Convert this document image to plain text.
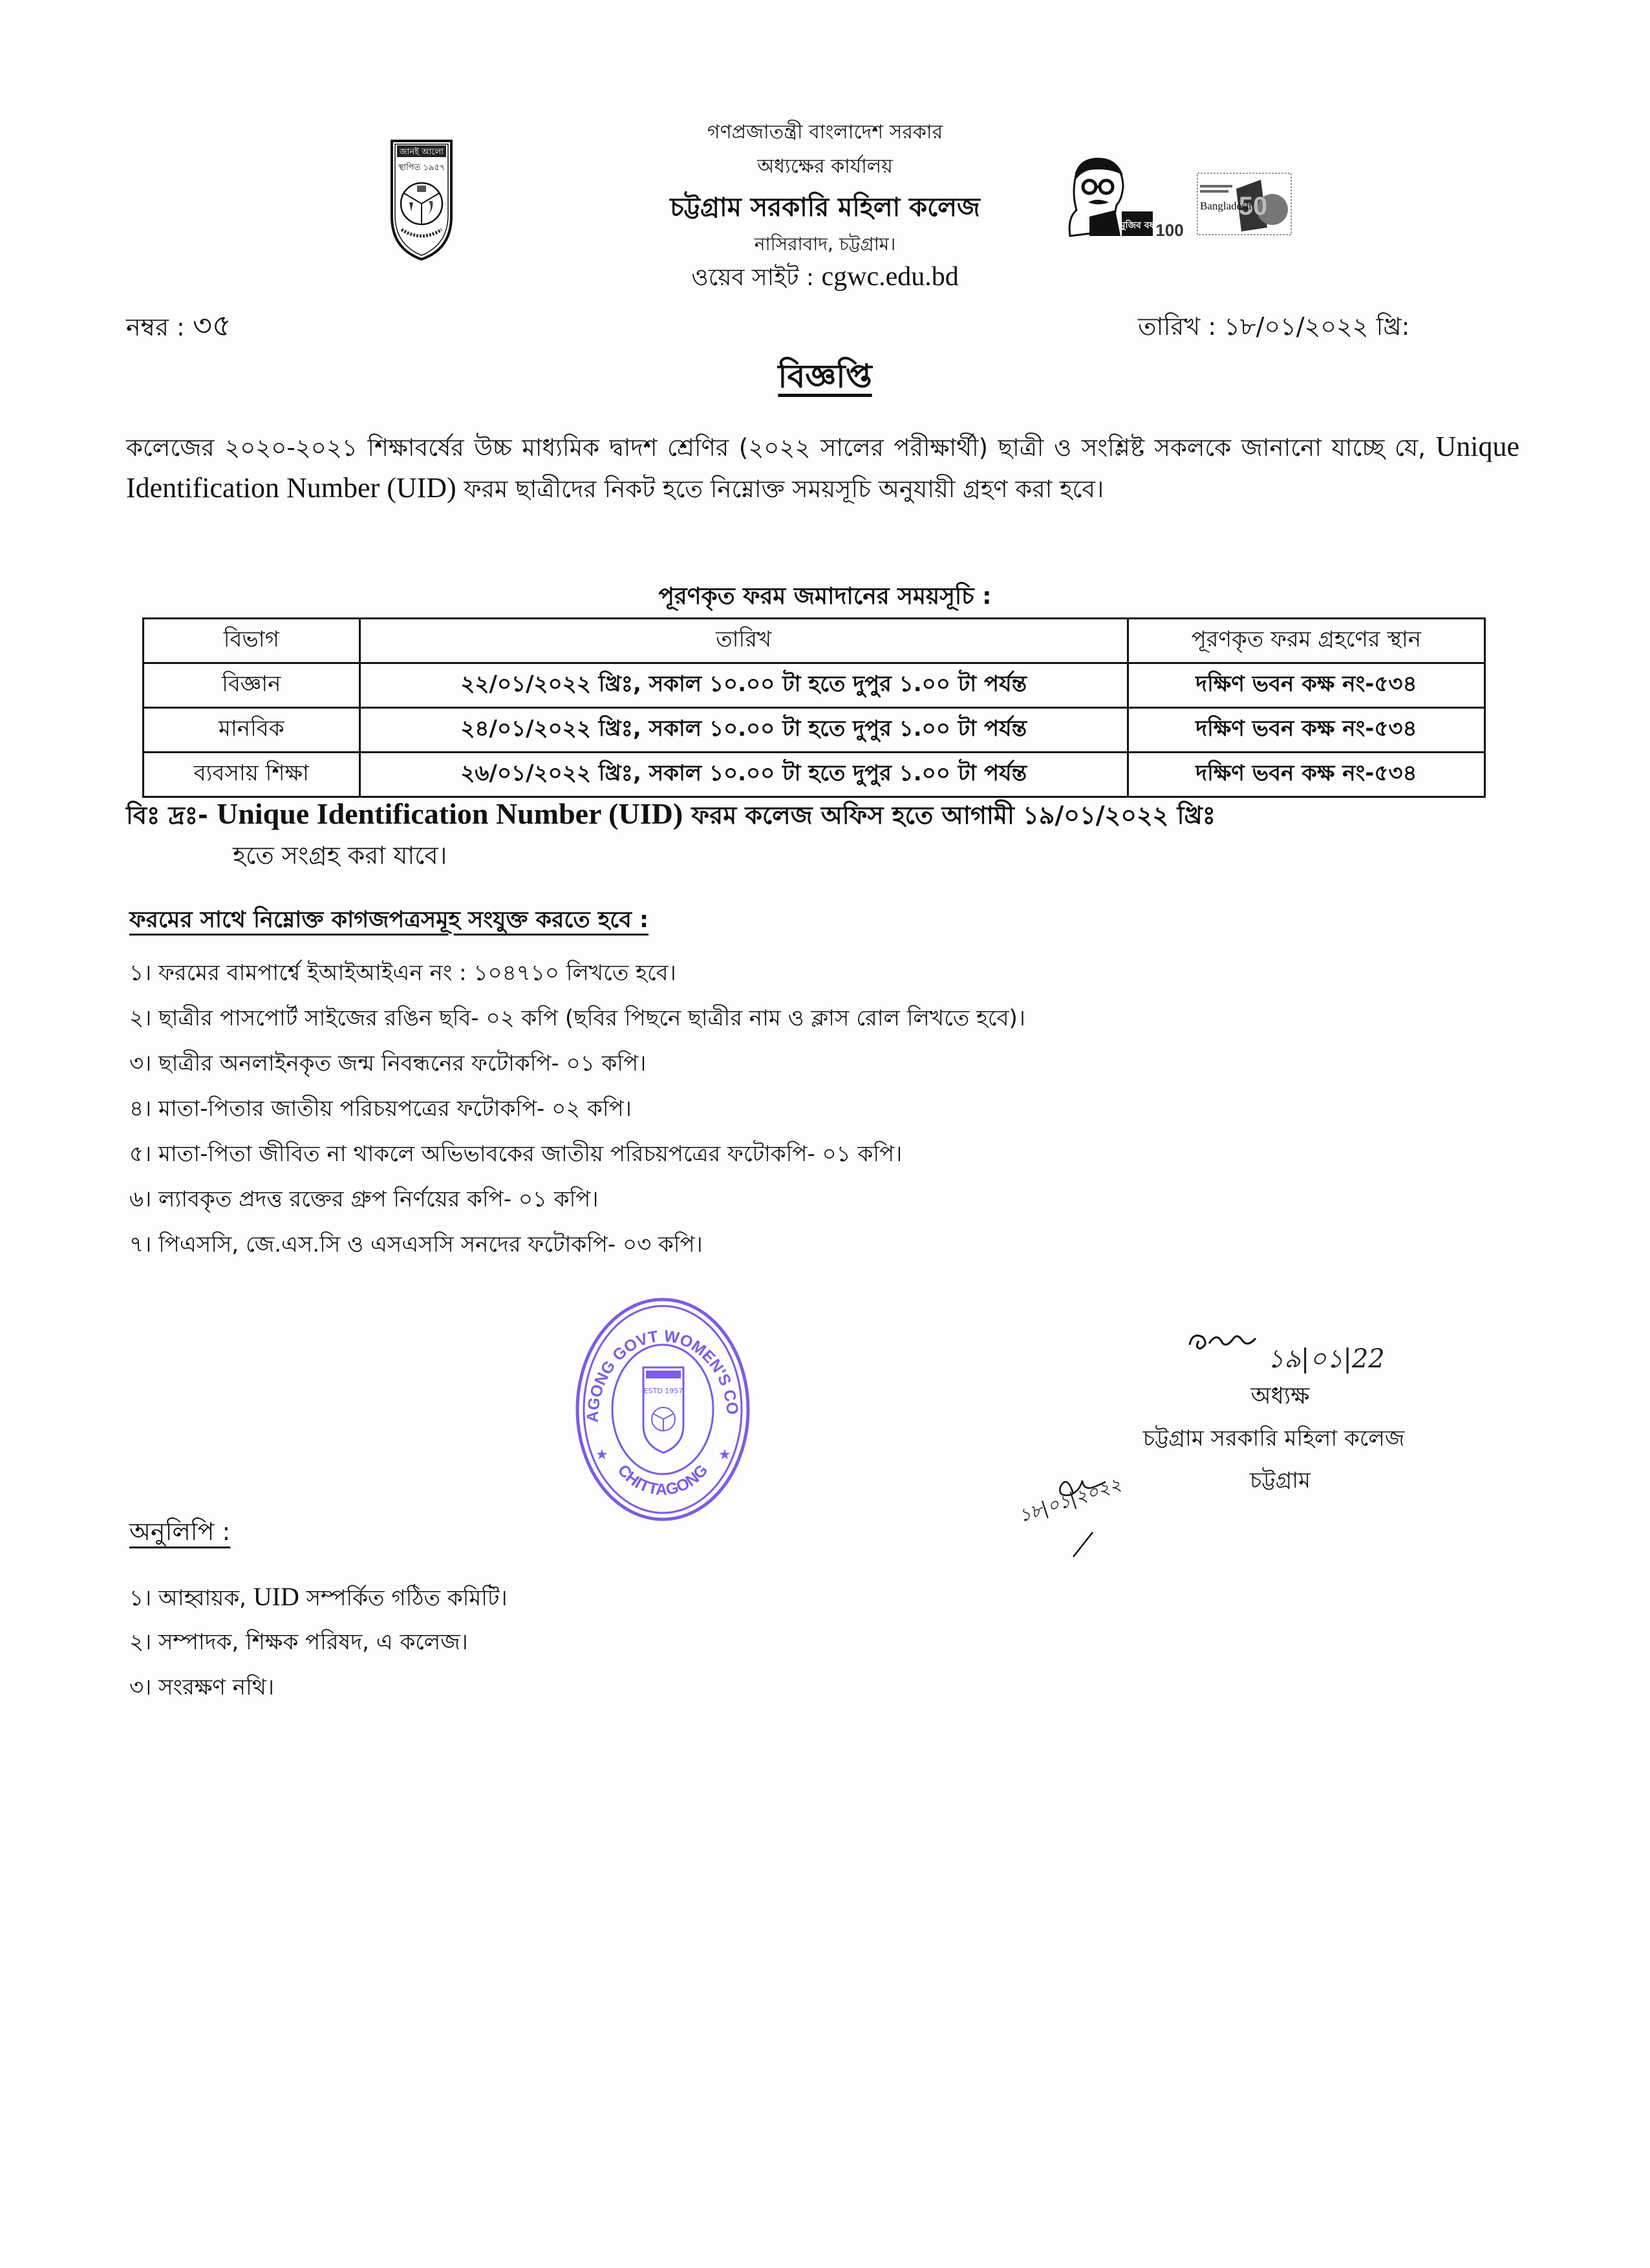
গণপ্রজাতন্ত্রী বাংলাদেশ সরকার
অধ্যক্ষের কার্যালয়
চট্টগ্রাম সরকারি মহিলা কলেজ
নাসিরাবাদ, চট্টগ্রাম।
ওয়েব সাইট : cgwc.edu.bd
জানই আলো
স্থাপিত ১৯৫৭
মুজিব বর্ষ 100
50
Bangladesh
নম্বর : ৩৫	তারিখ : ১৮/০১/২০২২ খ্রি:
বিজ্ঞপ্তি
কলেজের ২০২০-২০২১ শিক্ষাবর্ষের উচ্চ মাধ্যমিক দ্বাদশ শ্রেণির (২০২২ সালের পরীক্ষার্থী) ছাত্রী ও সংশ্লিষ্ট সকলকে জানানো যাচ্ছে যে, Unique Identification Number (UID) ফরম ছাত্রীদের নিকট হতে নিম্নোক্ত সময়সূচি অনুযায়ী গ্রহণ করা হবে।
পূরণকৃত ফরম জমাদানের সময়সূচি :
বিভাগ	তারিখ	পূরণকৃত ফরম গ্রহণের স্থান
বিজ্ঞান	২২/০১/২০২২ খ্রিঃ, সকাল ১০.০০ টা হতে দুপুর ১.০০ টা পর্যন্ত	দক্ষিণ ভবন কক্ষ নং-৫৩৪
মানবিক	২৪/০১/২০২২ খ্রিঃ, সকাল ১০.০০ টা হতে দুপুর ১.০০ টা পর্যন্ত	দক্ষিণ ভবন কক্ষ নং-৫৩৪
ব্যবসায় শিক্ষা	২৬/০১/২০২২ খ্রিঃ, সকাল ১০.০০ টা হতে দুপুর ১.০০ টা পর্যন্ত	দক্ষিণ ভবন কক্ষ নং-৫৩৪
বিঃ দ্রঃ- Unique Identification Number (UID) ফরম কলেজ অফিস হতে আগামী ১৯/০১/২০২২ খ্রিঃ
হতে সংগ্রহ করা যাবে।
ফরমের সাথে নিম্নোক্ত কাগজপত্রসমূহ সংযুক্ত করতে হবে :
১। ফরমের বামপার্শ্বে ইআইআইএন নং : ১০৪৭১০ লিখতে হবে।
২। ছাত্রীর পাসপোর্ট সাইজের রঙিন ছবি- ০২ কপি (ছবির পিছনে ছাত্রীর নাম ও ক্লাস রোল লিখতে হবে)।
৩। ছাত্রীর অনলাইনকৃত জন্ম নিবন্ধনের ফটোকপি- ০১ কপি।
৪। মাতা-পিতার জাতীয় পরিচয়পত্রের ফটোকপি- ০২ কপি।
৫। মাতা-পিতা জীবিত না থাকলে অভিভাবকের জাতীয় পরিচয়পত্রের ফটোকপি- ০১ কপি।
৬। ল্যাবকৃত প্রদত্ত রক্তের গ্রুপ নির্ণয়ের কপি- ০১ কপি।
৭। পিএসসি, জে.এস.সি ও এসএসসি সনদের ফটোকপি- ০৩ কপি।
AGONG GOVT WOMEN'S CO
CHITTAGONG
★	★
ESTD 1957
১৯|০১|22
অধ্যক্ষ
চট্টগ্রাম সরকারি মহিলা কলেজ
চট্টগ্রাম
১৮|০১|২০২২
অনুলিপি :
১। আহ্বায়ক, UID সম্পর্কিত গঠিত কমিটি।
২। সম্পাদক, শিক্ষক পরিষদ, এ কলেজ।
৩। সংরক্ষণ নথি।
